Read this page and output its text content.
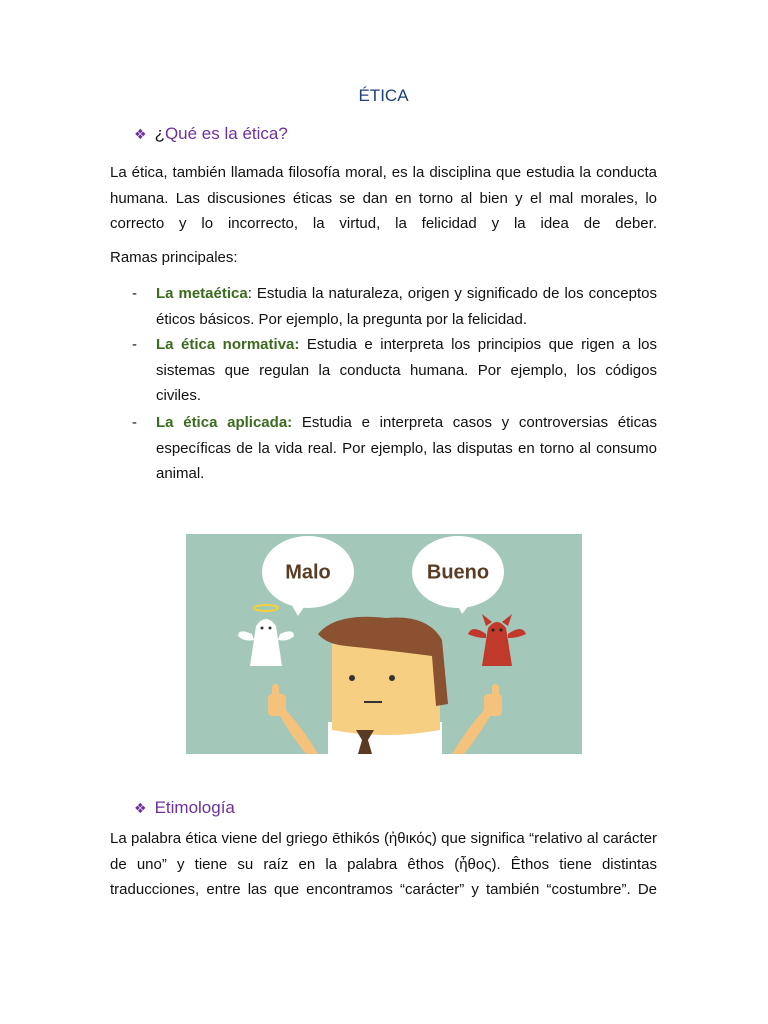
ÉTICA
❖ ¿Qué es la ética?

La ética, también llamada filosofía moral, es la disciplina que estudia la conducta humana. Las discusiones éticas se dan en torno al bien y el mal morales, lo correcto y lo incorrecto, la virtud, la felicidad y la idea de deber.

Ramas principales:

- La metaética: Estudia la naturaleza, origen y significado de los conceptos éticos básicos. Por ejemplo, la pregunta por la felicidad.

- La ética normativa: Estudia e interpreta los principios que rigen a los sistemas que regulan la conducta humana. Por ejemplo, los códigos civiles.

- La ética aplicada: Estudia e interpreta casos y controversias éticas específicas de la vida real. Por ejemplo, las disputas en torno al consumo animal.

❖ Etimología

La palabra ética viene del griego ēthikós (ἠθικός) que significa “relativo al carácter de uno” y tiene su raíz en la palabra êthos (ἦθος). Êthos tiene distintas traducciones, entre las que encontramos “carácter” y también “costumbre”. De

Malo	Bueno
